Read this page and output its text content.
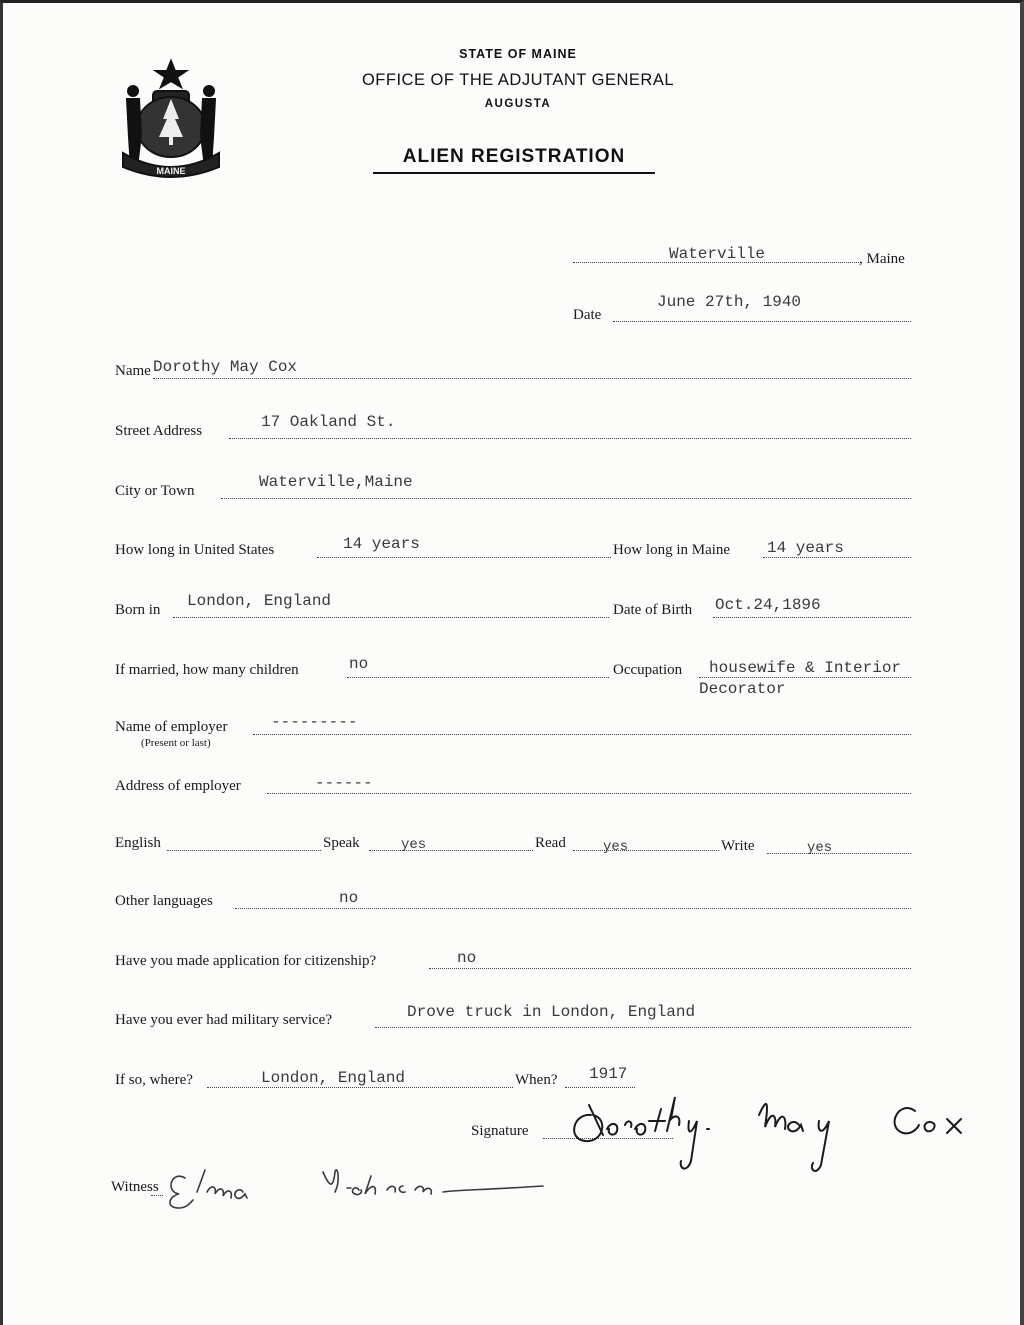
MAINE
STATE OF MAINE
OFFICE OF THE ADJUTANT GENERAL
AUGUSTA
ALIEN REGISTRATION
Waterville	, Maine
Date
June 27th, 1940
Name Dorothy May Cox
Street Address	17 Oakland St.
City or Town	Waterville,Maine
How long in United States	14 years	How long in Maine 14 years
Born in London, England	Date of Birth Oct.24,1896
If married, how many children	no	Occupation housewife & Interior
Decorator
Name of employer
(Present or last)
---------
Address of employer	------
English	Speak	yes	Read	yes	Write	yes
Other languages	no
Have you made application for citizenship?	no
Have you ever had military service?	Drove truck in London, England
If so, where?	London, England	When? 1917
Signature
Witness
